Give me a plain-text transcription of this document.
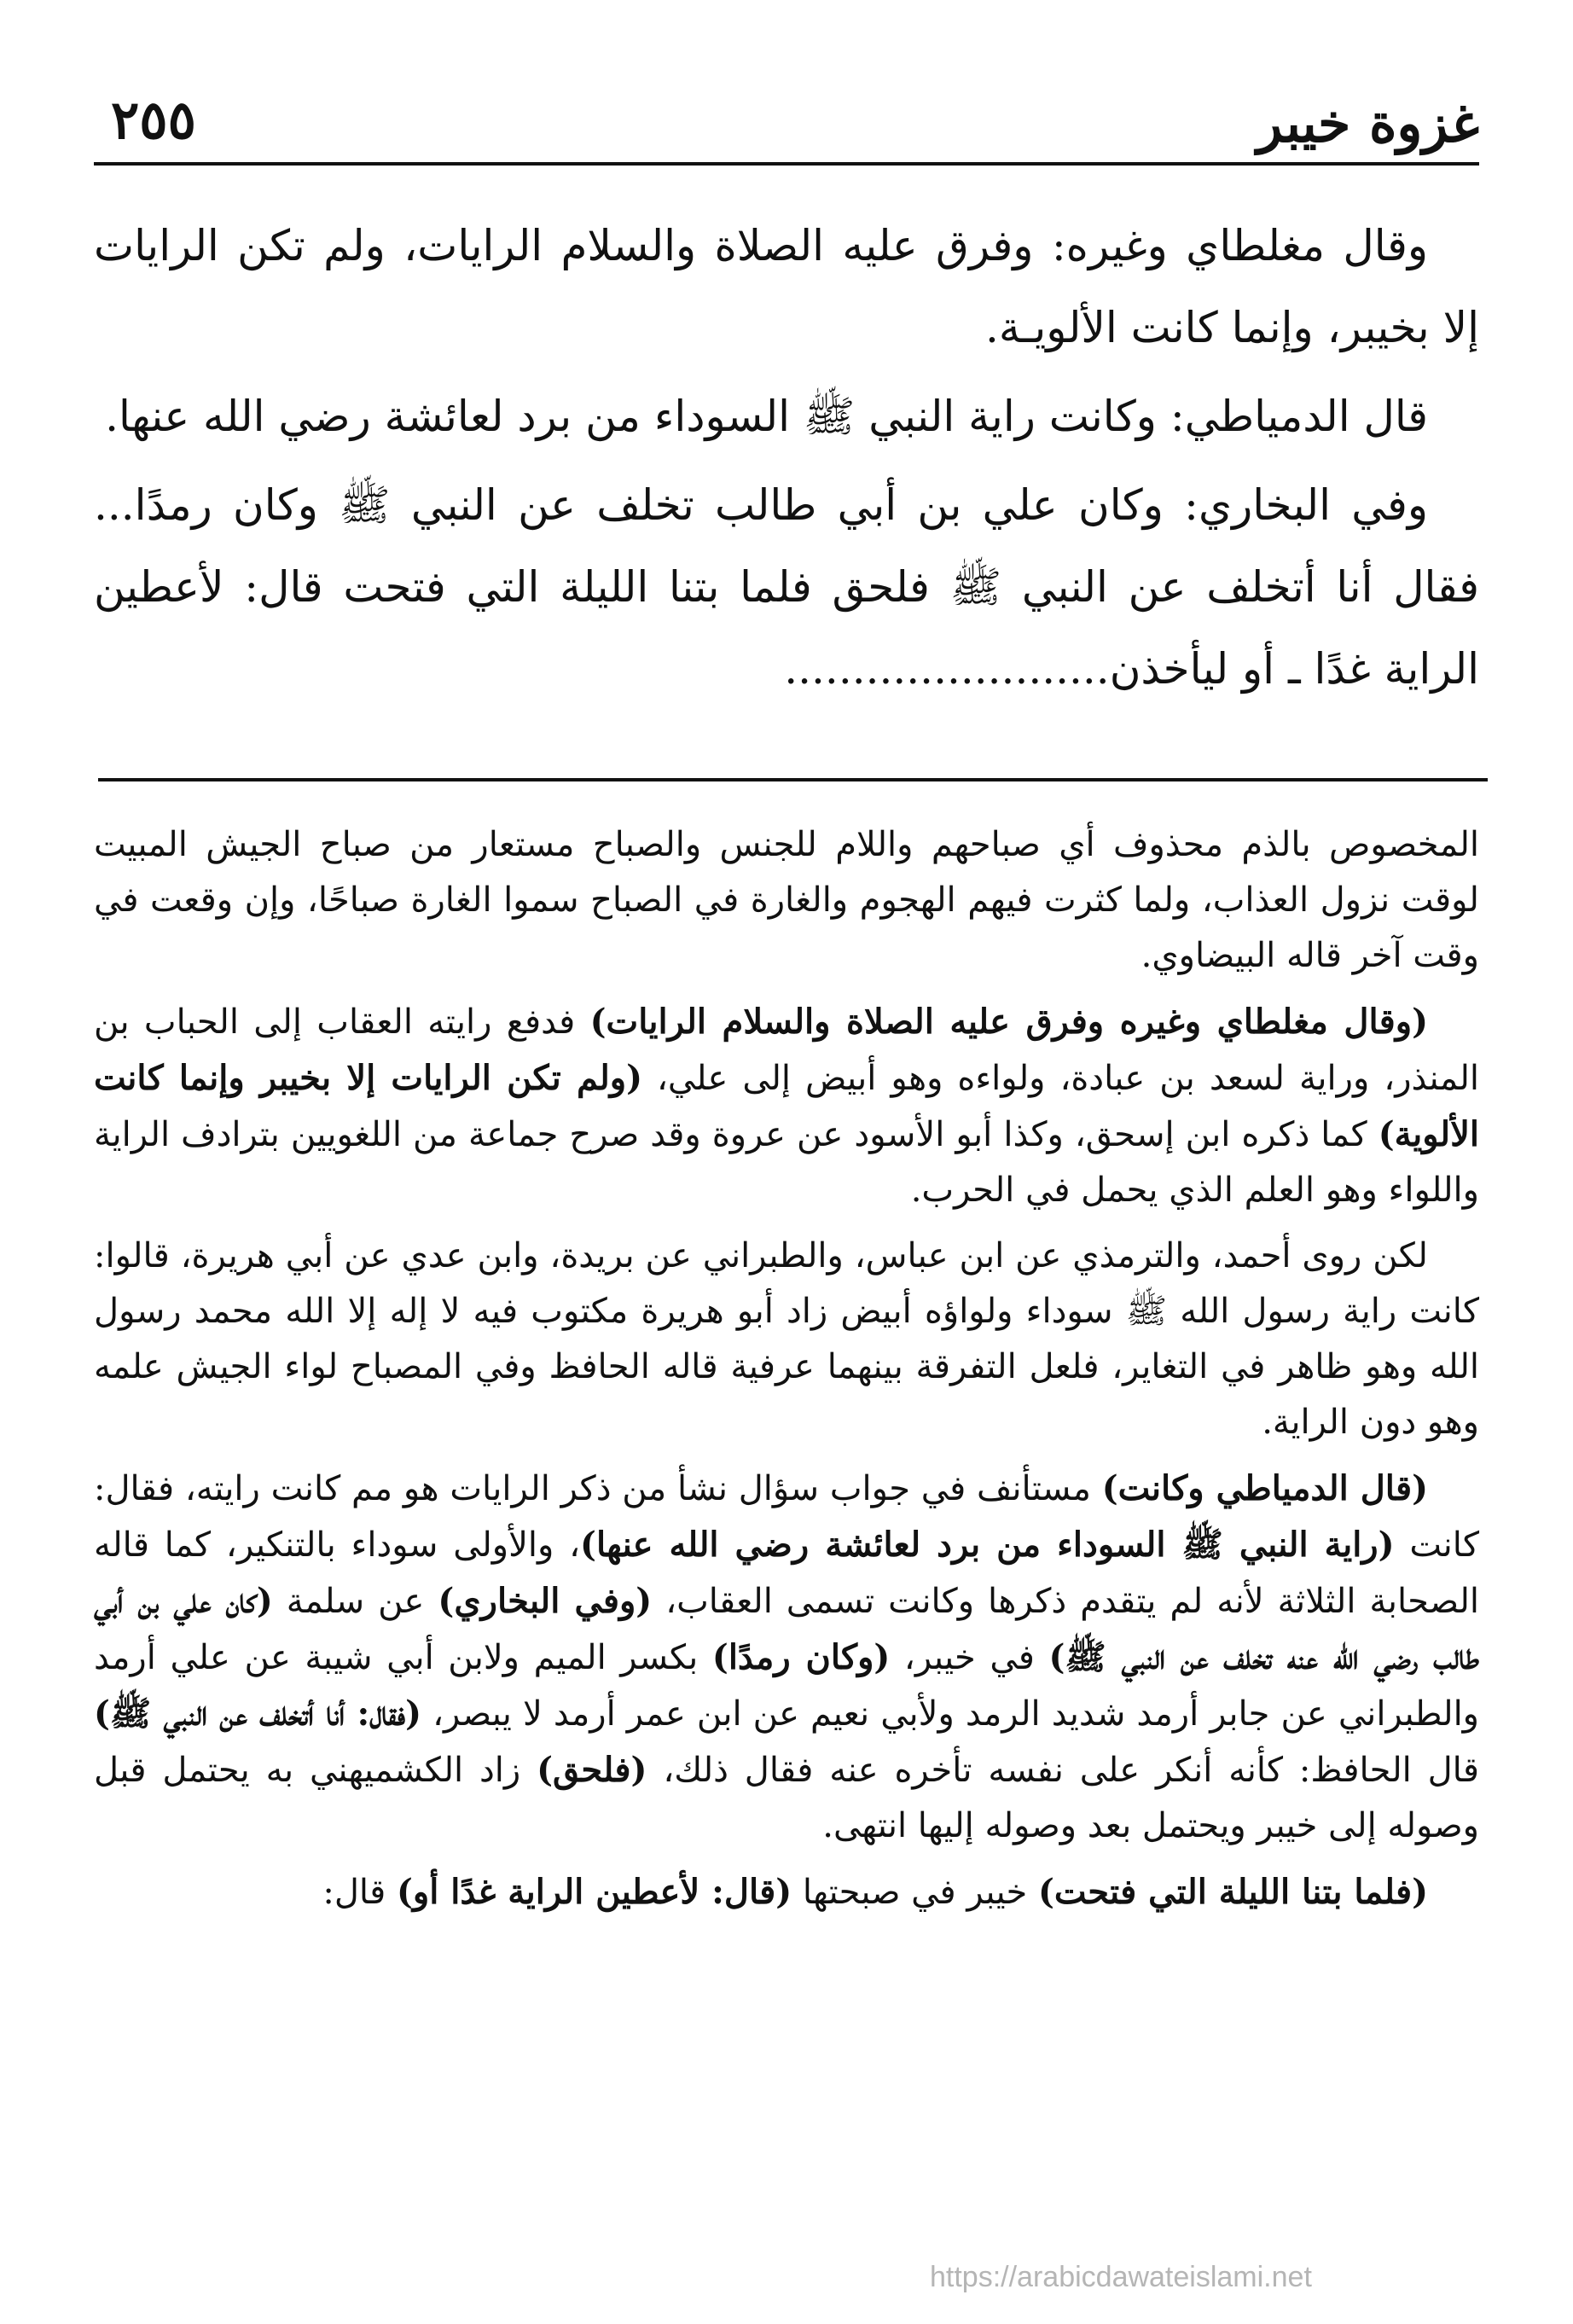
غزوة خيبر
٢٥٥

وقال مغلطاي وغيره: وفرق عليه الصلاة والسلام الرايات، ولم تكن الرايات إلا بخيبر، وإنما كانت الألويـة.

قال الدمياطي: وكانت راية النبي ﷺ السوداء من برد لعائشة رضي الله عنها.

وفي البخاري: وكان علي بن أبي طالب تخلف عن النبي ﷺ وكان رمدًا... فقال أنا أتخلف عن النبي ﷺ فلحق فلما بتنا الليلة التي فتحت قال: لأعطين الراية غدًا ـ أو ليأخذن........................

المخصوص بالذم محذوف أي صباحهم واللام للجنس والصباح مستعار من صباح الجيش المبيت لوقت نزول العذاب، ولما كثرت فيهم الهجوم والغارة في الصباح سموا الغارة صباحًا، وإن وقعت في وقت آخر قاله البيضاوي.

(وقال مغلطاي وغيره وفرق عليه الصلاة والسلام الرايات) فدفع رايته العقاب إلى الحباب بن المنذر، وراية لسعد بن عبادة، ولواءه وهو أبيض إلى علي، (ولم تكن الرايات إلا بخيبر وإنما كانت الألوية) كما ذكره ابن إسحق، وكذا أبو الأسود عن عروة وقد صرح جماعة من اللغويين بترادف الراية واللواء وهو العلم الذي يحمل في الحرب.

لكن روى أحمد، والترمذي عن ابن عباس، والطبراني عن بريدة، وابن عدي عن أبي هريرة، قالوا: كانت راية رسول الله ﷺ سوداء ولواؤه أبيض زاد أبو هريرة مكتوب فيه لا إله إلا الله محمد رسول الله وهو ظاهر في التغاير، فلعل التفرقة بينهما عرفية قاله الحافظ وفي المصباح لواء الجيش علمه وهو دون الراية.

(قال الدمياطي وكانت) مستأنف في جواب سؤال نشأ من ذكر الرايات هو مم كانت رايته، فقال: كانت (راية النبي ﷺ السوداء من برد لعائشة رضي الله عنها)، والأولى سوداء بالتنكير، كما قاله الصحابة الثلاثة لأنه لم يتقدم ذكرها وكانت تسمى العقاب، (وفي البخاري) عن سلمة (كان علي بن أبي طالب رضي الله عنه تخلف عن النبي ﷺ) في خيبر، (وكان رمدًا) بكسر الميم ولابن أبي شيبة عن علي أرمد والطبراني عن جابر أرمد شديد الرمد ولأبي نعيم عن ابن عمر أرمد لا يبصر، (فقال: أنا أتخلف عن النبي ﷺ) قال الحافظ: كأنه أنكر على نفسه تأخره عنه فقال ذلك، (فلحق) زاد الكشميهني به يحتمل قبل وصوله إلى خيبر ويحتمل بعد وصوله إليها انتهى.

(فلما بتنا الليلة التي فتحت) خيبر في صبحتها (قال: لأعطين الراية غدًا أو) قال:

https://arabicdawateislami.net
